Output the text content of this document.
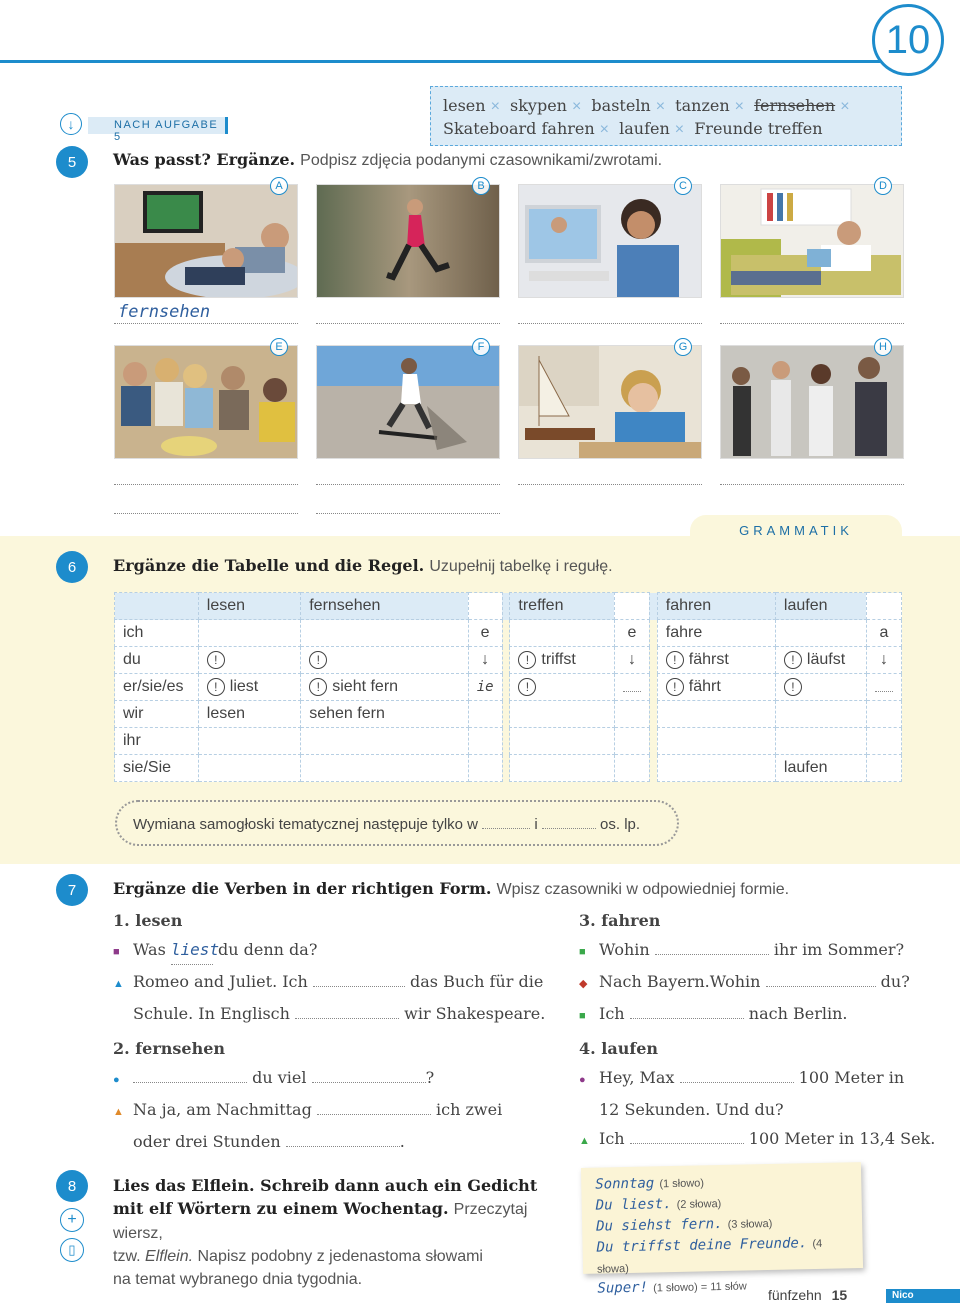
10
↓	NACH AUFGABE 5
lesen × skypen × basteln × tanzen × fernsehen ×
Skateboard fahren × laufen × Freunde treffen
5	Was passt? Ergänze. Podpisz zdjęcia podanymi czasownikami/zwrotami.
A	B	C	D
fernsehen
E	F	G	H
GRAMMATIK
6	Ergänze die Tabelle und die Regel. Uzupełnij tabelkę i regułę.
	lesen	fernsehen			treffen			fahren	laufen	
ich			e			e		fahre		a
du	!	!	↓		! triffst	↓		! fährst	! läufst	↓
er/sie/es	! liest	! sieht fern	ie		!			! fährt	!	
wir	lesen	sehen fern								
ihr										
sie/Sie									laufen	
Wymiana samogłoski tematycznej następuje tylko w	i	os. lp.
7	Ergänze die Verben in der richtigen Form. Wpisz czasowniki w odpowiedniej formie.
1. lesen
■ Was liest du denn da?
▲ Romeo and Juliet. Ich	das Buch für die
Schule. In Englisch	wir Shakespeare.
2. fernsehen
●	du viel	?
▲ Na ja, am Nachmittag	ich zwei
oder drei Stunden	.
3. fahren
■ Wohin	ihr im Sommer?
◆ Nach Bayern.Wohin	du?
■ Ich	nach Berlin.
4. laufen
● Hey, Max	100 Meter in
12 Sekunden. Und du?
▲ Ich	100 Meter in 13,4 Sek.
8
+
▯
Lies das Elflein. Schreib dann auch ein Gedicht
mit elf Wörtern zu einem Wochentag. Przeczytaj wiersz,
tzw. Elflein. Napisz podobny z jedenastoma słowami
na temat wybranego dnia tygodnia.
Sonntag (1 słowo)
Du liest. (2 słowa)
Du siehst fern. (3 słowa)
Du triffst deine Freunde. (4 słowa)
Super! (1 słowo) = 11 słów	fünfzehn 15	Nico
